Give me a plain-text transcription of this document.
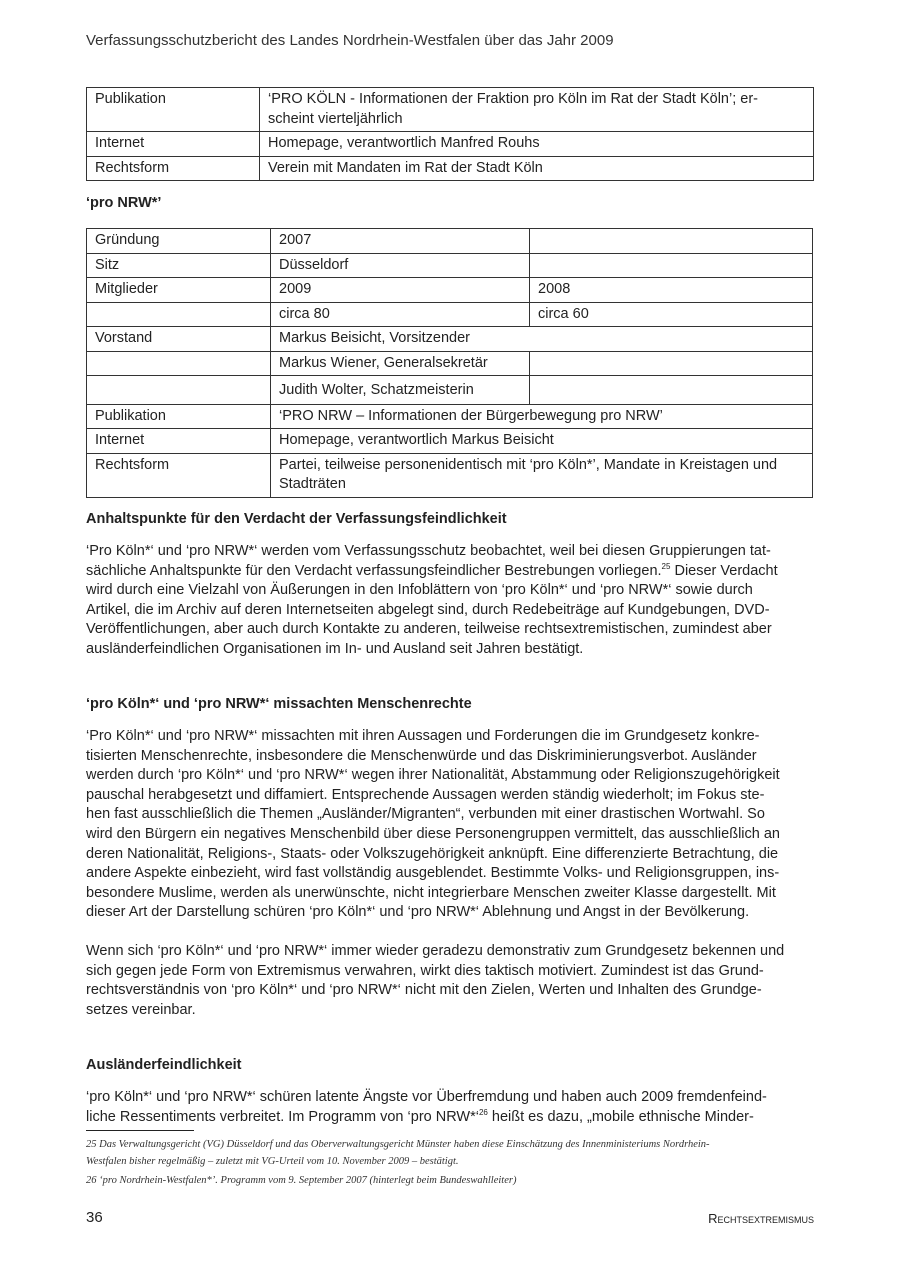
Verfassungsschutzbericht des Landes Nordrhein-Westfalen über das Jahr 2009
Publikation	‘PRO KÖLN - Informationen der Fraktion pro Köln im Rat der Stadt Köln’; er-
scheint vierteljährlich

Internet	Homepage, verantwortlich Manfred Rouhs
Rechtsform	Verein mit Mandaten im Rat der Stadt Köln
‘pro NRW*’
Gründung	2007	
Sitz	Düsseldorf	
Mitglieder	2009	2008
	circa 80	circa 60
Vorstand	Markus Beisicht, Vorsitzender	
	Markus Wiener, Generalsekretär	
	Judith Wolter, Schatzmeisterin	
Publikation	‘PRO NRW – Informationen der Bürgerbewegung pro NRW’	
Internet	Homepage, verantwortlich Markus Beisicht	
Rechtsform	Partei, teilweise personenidentisch mit ‘pro Köln*’, Mandate in Kreistagen und
Stadträten	
Anhaltspunkte für den Verdacht der Verfassungsfeindlichkeit
‘Pro Köln*‘ und ‘pro NRW*‘ werden vom Verfassungsschutz beobachtet, weil bei diesen Gruppierungen tat-
sächliche Anhaltspunkte für den Verdacht verfassungsfeindlicher Bestrebungen vorliegen.$^{25}$ Dieser Verdacht
wird durch eine Vielzahl von Äußerungen in den Infoblättern von ‘pro Köln*‘ und ‘pro NRW*‘ sowie durch
Artikel, die im Archiv auf deren Internetseiten abgelegt sind, durch Redebeiträge auf Kundgebungen, DVD-
Veröffentlichungen, aber auch durch Kontakte zu anderen, teilweise rechtsextremistischen, zumindest aber
ausländerfeindlichen Organisationen im In- und Ausland seit Jahren bestätigt.
‘pro Köln*‘ und ‘pro NRW*‘ missachten Menschenrechte
‘Pro Köln*‘ und ‘pro NRW*‘ missachten mit ihren Aussagen und Forderungen die im Grundgesetz konkre-
tisierten Menschenrechte, insbesondere die Menschenwürde und das Diskriminierungsverbot. Ausländer
werden durch ‘pro Köln*‘ und ‘pro NRW*‘ wegen ihrer Nationalität, Abstammung oder Religionszugehörigkeit
pauschal herabgesetzt und diffamiert. Entsprechende Aussagen werden ständig wiederholt; im Fokus ste-
hen fast ausschließlich die Themen „Ausländer/Migranten“, verbunden mit einer drastischen Wortwahl. So
wird den Bürgern ein negatives Menschenbild über diese Personengruppen vermittelt, das ausschließlich an
deren Nationalität, Religions-, Staats- oder Volkszugehörigkeit anknüpft. Eine differenzierte Betrachtung, die
andere Aspekte einbezieht, wird fast vollständig ausgeblendet. Bestimmte Volks- und Religionsgruppen, ins-
besondere Muslime, werden als unerwünschte, nicht integrierbare Menschen zweiter Klasse dargestellt. Mit
dieser Art der Darstellung schüren ‘pro Köln*‘ und ‘pro NRW*‘ Ablehnung und Angst in der Bevölkerung.
Wenn sich ‘pro Köln*‘ und ‘pro NRW*‘ immer wieder geradezu demonstrativ zum Grundgesetz bekennen und
sich gegen jede Form von Extremismus verwahren, wirkt dies taktisch motiviert. Zumindest ist das Grund-
rechtsverständnis von ‘pro Köln*‘ und ‘pro NRW*‘ nicht mit den Zielen, Werten und Inhalten des Grundge-
setzes vereinbar.
Ausländerfeindlichkeit
‘pro Köln*‘ und ‘pro NRW*‘ schüren latente Ängste vor Überfremdung und haben auch 2009 fremdenfeind-
liche Ressentiments verbreitet. Im Programm von ‘pro NRW*‘$^{26}$ heißt es dazu, „mobile ethnische Minder-
25 Das Verwaltungsgericht (VG) Düsseldorf und das Oberverwaltungsgericht Münster haben diese Einschätzung des Innenministeriums Nordrhein-
Westfalen bisher regelmäßig – zuletzt mit VG-Urteil vom 10. November 2009 – bestätigt.
26 ‘pro Nordrhein-Westfalen*’. Programm vom 9. September 2007 (hinterlegt beim Bundeswahlleiter)
36	Rechtsextremismus
